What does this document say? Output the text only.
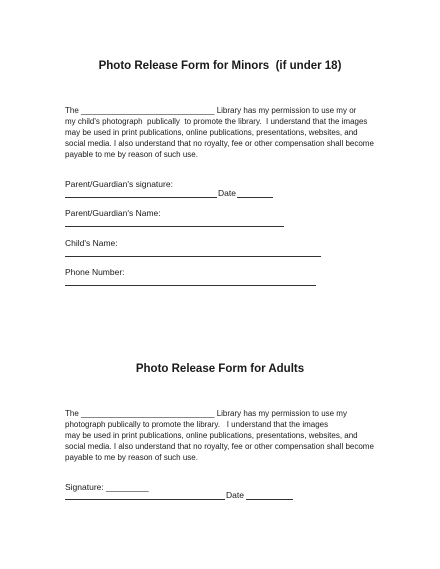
Photo Release Form for Minors  (if under 18)
The ______________________________ Library has my permission to use my or
my child's photograph  publically  to promote the library.  I understand that the images
may be used in print publications, online publications, presentations, websites, and
social media. I also understand that no royalty, fee or other compensation shall become
payable to me by reason of such use.
Parent/Guardian's signature:
Date
Parent/Guardian's Name:
Child's Name:
Phone Number:
Photo Release Form for Adults
The ______________________________ Library has my permission to use my
photograph publically to promote the library.   I understand that the images
may be used in print publications, online publications, presentations, websites, and
social media. I also understand that no royalty, fee or other compensation shall become
payable to me by reason of such use.
Signature: _________
Date
